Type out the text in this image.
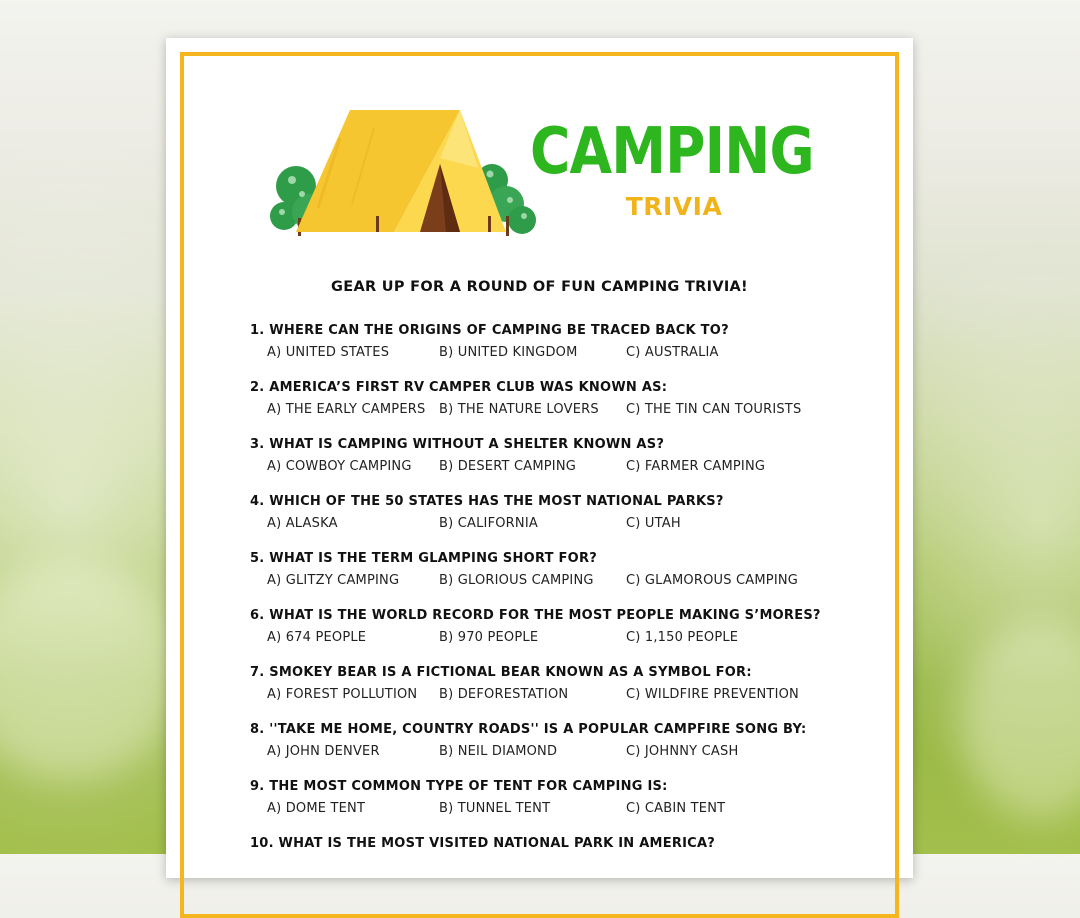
CAMPING
TRIVIA
GEAR UP FOR A ROUND OF FUN CAMPING TRIVIA!
1. WHERE CAN THE ORIGINS OF CAMPING BE TRACED BACK TO?
A) UNITED STATES	B) UNITED KINGDOM	C) AUSTRALIA
2. AMERICA’S FIRST RV CAMPER CLUB WAS KNOWN AS:
A) THE EARLY CAMPERS B) THE NATURE LOVERS C) THE TIN CAN TOURISTS
3. WHAT IS CAMPING WITHOUT A SHELTER KNOWN AS?
A) COWBOY CAMPING B) DESERT CAMPING	C) FARMER CAMPING
4. WHICH OF THE 50 STATES HAS THE MOST NATIONAL PARKS?
A) ALASKA	B) CALIFORNIA	C) UTAH
5. WHAT IS THE TERM GLAMPING SHORT FOR?
A) GLITZY CAMPING	B) GLORIOUS CAMPING C) GLAMOROUS CAMPING
6. WHAT IS THE WORLD RECORD FOR THE MOST PEOPLE MAKING S’MORES?
A) 674 PEOPLE	B) 970 PEOPLE	C) 1,150 PEOPLE
7. SMOKEY BEAR IS A FICTIONAL BEAR KNOWN AS A SYMBOL FOR:
A) FOREST POLLUTION B) DEFORESTATION	C) WILDFIRE PREVENTION
8. ''TAKE ME HOME, COUNTRY ROADS'' IS A POPULAR CAMPFIRE SONG BY:
A) JOHN DENVER	B) NEIL DIAMOND	C) JOHNNY CASH
9. THE MOST COMMON TYPE OF TENT FOR CAMPING IS:
A) DOME TENT	B) TUNNEL TENT	C) CABIN TENT
10. WHAT IS THE MOST VISITED NATIONAL PARK IN AMERICA?
